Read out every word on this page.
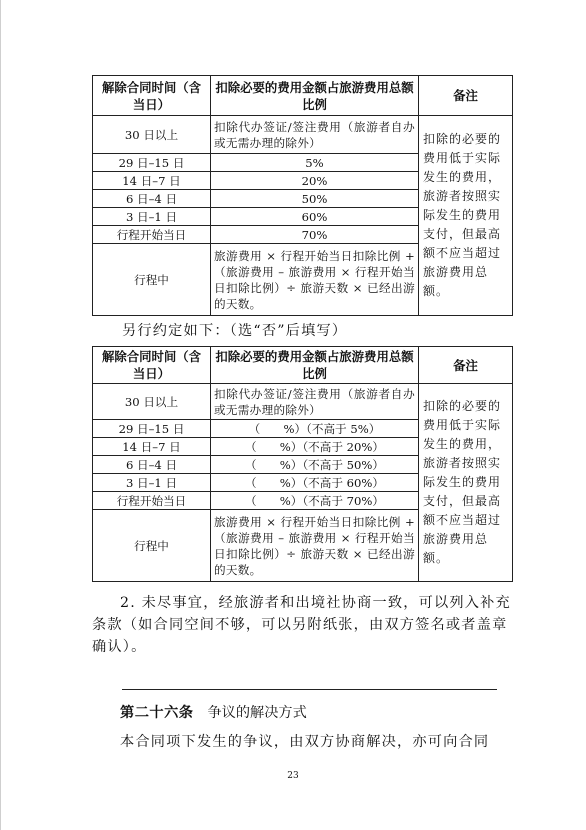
解除合同时间（含当日）	扣除必要的费用金额占旅游费用总额比例	备注
30 日以上	扣除代办签证/签注费用（旅游者自办或无需办理的除外）	扣除的必要的费用低于实际发生的费用，旅游者按照实际发生的费用支付，但最高额不应当超过旅游费用总额。
29 日–15 日	5%	
14 日–7 日	20%	
6 日–4 日	50%	
3 日–1 日	60%	
行程开始当日	70%	
行程中	旅游费用 × 行程开始当日扣除比例 +（旅游费用 – 旅游费用 × 行程开始当日扣除比例）÷ 旅游天数 × 已经出游的天数。	
另行约定如下：（选“否”后填写）
解除合同时间（含当日）	扣除必要的费用金额占旅游费用总额比例	备注
30 日以上	扣除代办签证/签注费用（旅游者自办或无需办理的除外）	扣除的必要的费用低于实际发生的费用，旅游者按照实际发生的费用支付，但最高额不应当超过旅游费用总额。
29 日–15 日	（　　%）（不高于 5%）	
14 日–7 日	（　　%）（不高于 20%）	
6 日–4 日	（　　%）（不高于 50%）	
3 日–1 日	（　　%）（不高于 60%）	
行程开始当日	（　　%）（不高于 70%）	
行程中	旅游费用 × 行程开始当日扣除比例 +（旅游费用 – 旅游费用 × 行程开始当日扣除比例）÷ 旅游天数 × 已经出游的天数。	
2. 未尽事宜，经旅游者和出境社协商一致，可以列入补充条款（如合同空间不够，可以另附纸张，由双方签名或者盖章确认）。
第二十六条 争议的解决方式
本合同项下发生的争议，由双方协商解决，亦可向合同
23
